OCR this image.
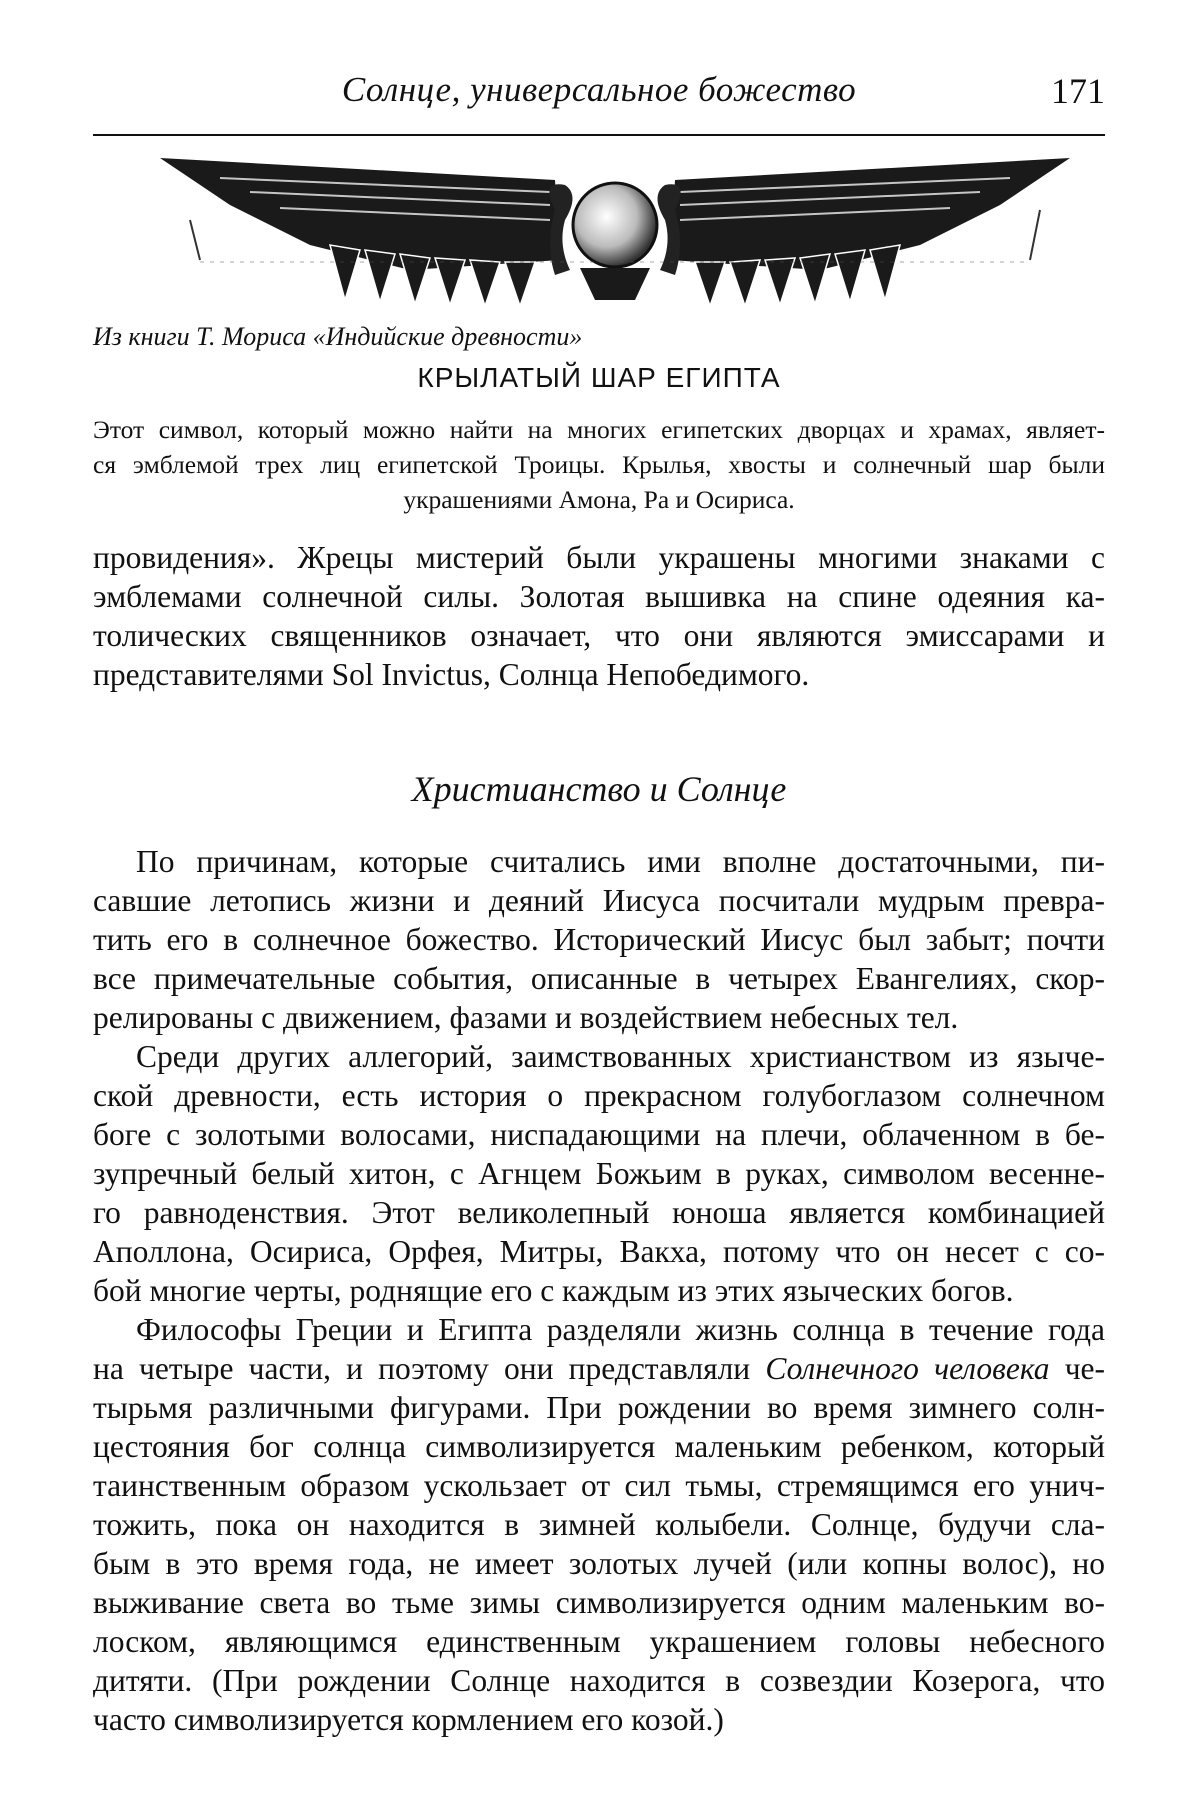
Солнце, универсальное божество	171
Из книги Т. Мориса «Индийские древности»
КРЫЛАТЫЙ ШАР ЕГИПТА
Этот символ, который можно найти на многих египетских дворцах и храмах, являет-
ся эмблемой трех лиц египетской Троицы. Крылья, хвосты и солнечный шар были
украшениями Амона, Ра и Осириса.
провидения». Жрецы мистерий были украшены многими знаками с
эмблемами солнечной силы. Золотая вышивка на спине одеяния ка-
толических священников означает, что они являются эмиссарами и
представителями Sol Invictus, Солнца Непобедимого.
Христианство и Солнце
По причинам, которые считались ими вполне достаточными, пи-
савшие летопись жизни и деяний Иисуса посчитали мудрым превра-
тить его в солнечное божество. Исторический Иисус был забыт; почти
все примечательные события, описанные в четырех Евангелиях, скор-
релированы с движением, фазами и воздействием небесных тел.
Среди других аллегорий, заимствованных христианством из языче-
ской древности, есть история о прекрасном голубоглазом солнечном
боге с золотыми волосами, ниспадающими на плечи, облаченном в бе-
зупречный белый хитон, с Агнцем Божьим в руках, символом весенне-
го равноденствия. Этот великолепный юноша является комбинацией
Аполлона, Осириса, Орфея, Митры, Вакха, потому что он несет с со-
бой многие черты, роднящие его с каждым из этих языческих богов.
Философы Греции и Египта разделяли жизнь солнца в течение года
на четыре части, и поэтому они представляли Солнечного человека че-
тырьмя различными фигурами. При рождении во время зимнего солн-
цестояния бог солнца символизируется маленьким ребенком, который
таинственным образом ускользает от сил тьмы, стремящимся его унич-
тожить, пока он находится в зимней колыбели. Солнце, будучи сла-
бым в это время года, не имеет золотых лучей (или копны волос), но
выживание света во тьме зимы символизируется одним маленьким во-
лоском, являющимся единственным украшением головы небесного
дитяти. (При рождении Солнце находится в созвездии Козерога, что
часто символизируется кормлением его козой.)
